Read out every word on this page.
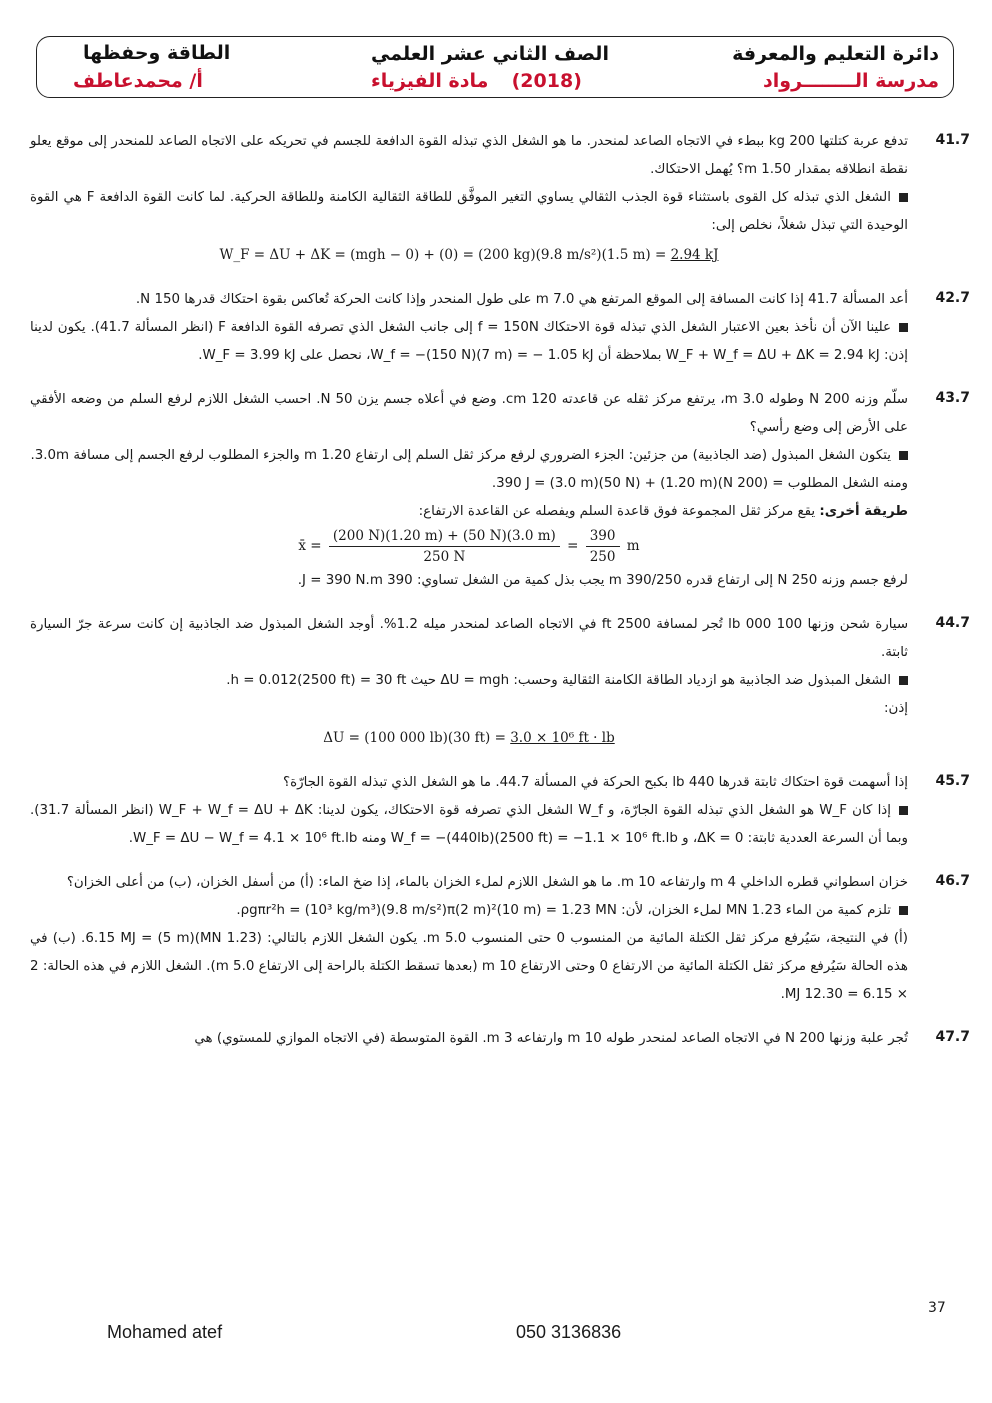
دائرة التعليم والمعرفة
مدرسة الــــــــرواد
الصف الثاني عشر العلمي
(2018)  مادة الفيزياء
الطاقة وحفظها
أ/ محمدعاطف
41.7
تدفع عربة كتلتها 200 kg ببطء في الاتجاه الصاعد لمنحدر. ما هو الشغل الذي تبذله القوة الدافعة للجسم في تحريكه على الاتجاه الصاعد للمنحدر إلى موقع يعلو نقطة انطلاقه بمقدار 1.50 m؟ يُهمل الاحتكاك.
الشغل الذي تبذله كل القوى باستثناء قوة الجذب الثقالي يساوي التغير الموفَّق للطاقة الثقالية الكامنة وللطاقة الحركية. لما كانت القوة الدافعة F هي القوة الوحيدة التي تبذل شغلاً، نخلص إلى:
W_F = ΔU + ΔK = (mgh − 0) + (0) = (200 kg)(9.8 m/s²)(1.5 m) = 2.94 kJ
42.7
أعد المسألة 41.7 إذا كانت المسافة إلى الموقع المرتفع هي 7.0 m على طول المنحدر وإذا كانت الحركة تُعاكس بقوة احتكاك قدرها 150 N.
علينا الآن أن نأخذ بعين الاعتبار الشغل الذي تبذله قوة الاحتكاك f = 150N إلى جانب الشغل الذي تصرفه القوة الدافعة F (انظر المسألة 41.7). يكون لدينا إذن: W_F + W_f = ΔU + ΔK = 2.94 kJ بملاحظة أن W_f = −(150 N)(7 m) = − 1.05 kJ، نحصل على W_F = 3.99 kJ.
43.7
سلّم وزنه 200 N وطوله 3.0 m، يرتفع مركز ثقله عن قاعدته 120 cm. وضع في أعلاه جسم يزن 50 N. احسب الشغل اللازم لرفع السلم من وضعه الأفقي على الأرض إلى وضع رأسي؟
يتكون الشغل المبذول (ضد الجاذبية) من جزئين: الجزء الضروري لرفع مركز ثقل السلم إلى ارتفاع 1.20 m والجزء المطلوب لرفع الجسم إلى مسافة 3.0m.
ومنه الشغل المطلوب = (200 N)(1.20 m) + (50 N)(3.0 m) = 390 J.
طريقة أخرى: يقع مركز ثقل المجموعة فوق قاعدة السلم ويفصله عن القاعدة الارتفاع:
x̄ = $\frac{(200 N)(1.20 m) + (50 N)(3.0 m)}{250 N} = \frac{390}{250}$ m
لرفع جسم وزنه 250 N إلى ارتفاع قدره 390/250 m يجب بذل كمية من الشغل تساوي: 390 J = 390 N.m.
44.7
سيارة شحن وزنها 100 000 lb تُجر لمسافة 2500 ft في الاتجاه الصاعد لمنحدر ميله 1.2%. أوجد الشغل المبذول ضد الجاذبية إن كانت سرعة جرّ السيارة ثابتة.
الشغل المبذول ضد الجاذبية هو ازدياد الطاقة الكامنة الثقالية وحسب: ΔU = mgh حيث h = 0.012(2500 ft) = 30 ft.
إذن:
ΔU = (100 000 lb)(30 ft) = 3.0 × 10⁶ ft · lb
45.7
إذا أسهمت قوة احتكاك ثابتة قدرها 440 lb بكبح الحركة في المسألة 44.7. ما هو الشغل الذي تبذله القوة الجارّة؟
إذا كان W_F هو الشغل الذي تبذله القوة الجارّة، و W_f الشغل الذي تصرفه قوة الاحتكاك، يكون لدينا: W_F + W_f = ΔU + ΔK (انظر المسألة 31.7). وبما أن السرعة العددية ثابتة: ΔK = 0، و W_f = −(440lb)(2500 ft) = −1.1 × 10⁶ ft.lb ومنه W_F = ΔU − W_f = 4.1 × 10⁶ ft.lb.
46.7
خزان اسطواني قطره الداخلي 4 m وارتفاعه 10 m. ما هو الشغل اللازم لملء الخزان بالماء، إذا ضخ الماء: (أ) من أسفل الخزان، (ب) من أعلى الخزان؟
تلزم كمية من الماء 1.23 MN لملء الخزان، لأن: ρgπr²h = (10³ kg/m³)(9.8 m/s²)π(2 m)²(10 m) = 1.23 MN.
(أ) في النتيجة، سَيُرفع مركز ثقل الكتلة المائية من المنسوب 0 حتى المنسوب 5.0 m. يكون الشغل اللازم بالتالي: (1.23 MN)(5 m) = 6.15 MJ. (ب) في هذه الحالة سَيُرفع مركز ثقل الكتلة المائية من الارتفاع 0 وحتى الارتفاع 10 m (بعدها تسقط الكتلة بالراحة إلى الارتفاع 5.0 m). الشغل اللازم في هذه الحالة: 2 × 6.15 = 12.30 MJ.
47.7
تُجر علبة وزنها 200 N في الاتجاه الصاعد لمنحدر طوله 10 m وارتفاعه 3 m. القوة المتوسطة (في الاتجاه الموازي للمستوي) هي
37
Mohamed atef	050 3136836
